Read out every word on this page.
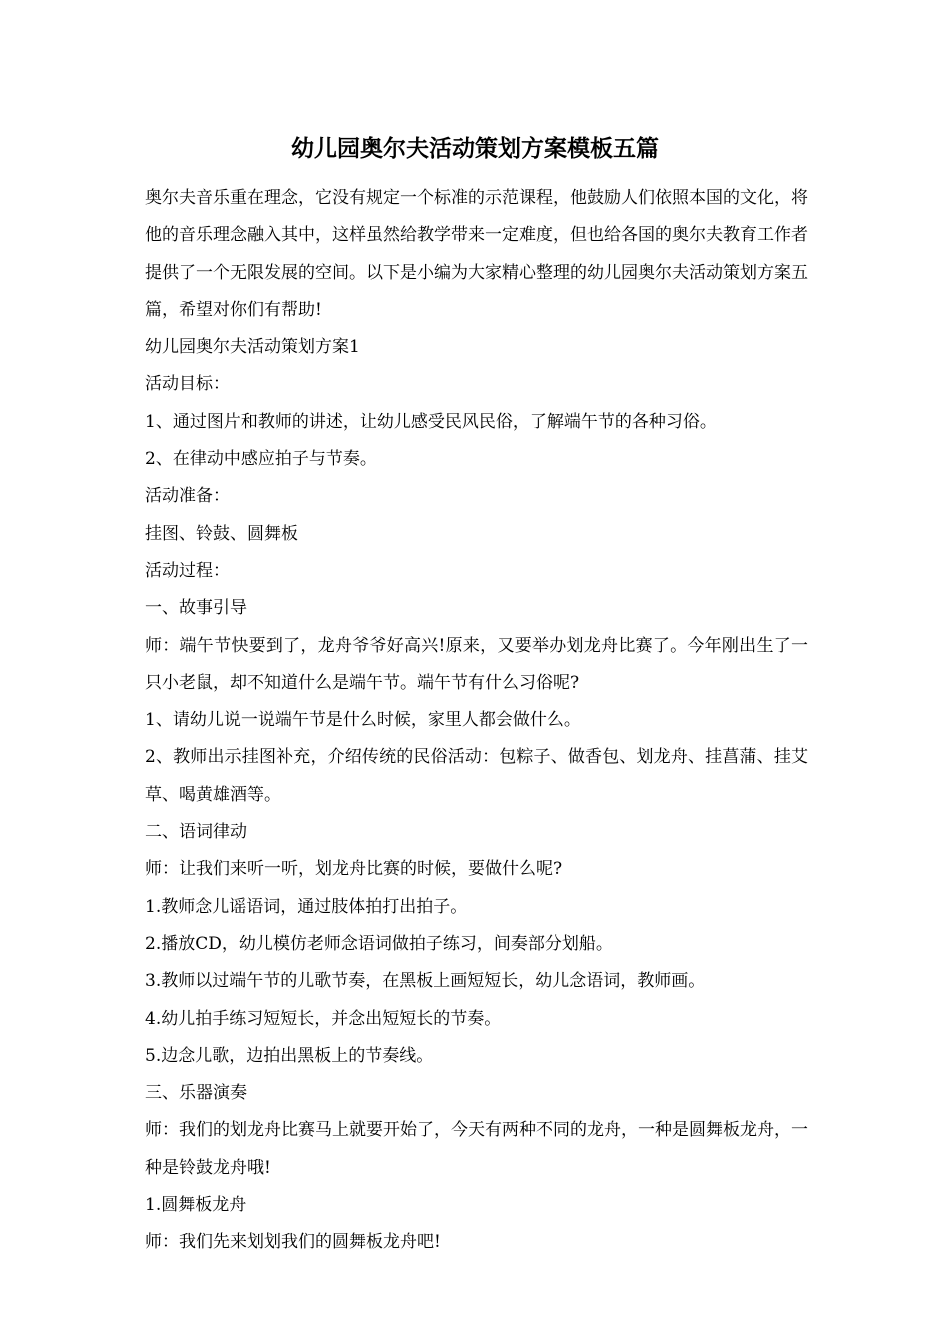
幼儿园奥尔夫活动策划方案模板五篇

奥尔夫音乐重在理念，它没有规定一个标准的示范课程，他鼓励人们依照本国的文化，将他的音乐理念融入其中，这样虽然给教学带来一定难度，但也给各国的奥尔夫教育工作者提供了一个无限发展的空间。以下是小编为大家精心整理的幼儿园奥尔夫活动策划方案五篇，希望对你们有帮助!

幼儿园奥尔夫活动策划方案1

活动目标：

1、通过图片和教师的讲述，让幼儿感受民风民俗，了解端午节的各种习俗。

2、在律动中感应拍子与节奏。

活动准备：

挂图、铃鼓、圆舞板

活动过程：

一、故事引导

师：端午节快要到了，龙舟爷爷好高兴!原来，又要举办划龙舟比赛了。今年刚出生了一只小老鼠，却不知道什么是端午节。端午节有什么习俗呢?

1、请幼儿说一说端午节是什么时候，家里人都会做什么。

2、教师出示挂图补充，介绍传统的民俗活动：包粽子、做香包、划龙舟、挂菖蒲、挂艾草、喝黄雄酒等。

二、语词律动

师：让我们来听一听，划龙舟比赛的时候，要做什么呢?

1.教师念儿谣语词，通过肢体拍打出拍子。

2.播放CD，幼儿模仿老师念语词做拍子练习，间奏部分划船。

3.教师以过端午节的儿歌节奏，在黑板上画短短长，幼儿念语词，教师画。

4.幼儿拍手练习短短长，并念出短短长的节奏。

5.边念儿歌，边拍出黑板上的节奏线。

三、乐器演奏

师：我们的划龙舟比赛马上就要开始了，今天有两种不同的龙舟，一种是圆舞板龙舟，一种是铃鼓龙舟哦!

1.圆舞板龙舟

师：我们先来划划我们的圆舞板龙舟吧!
